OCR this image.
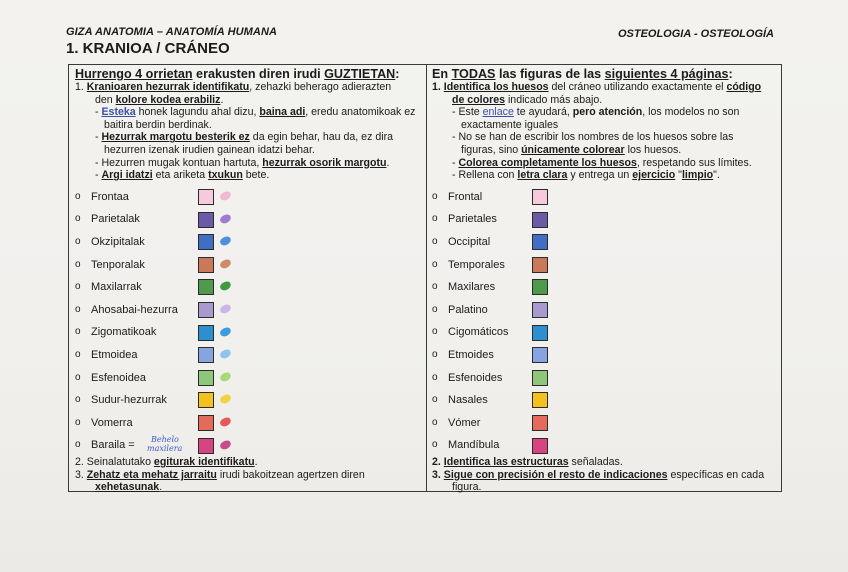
GIZA ANATOMIA – ANATOMÍA HUMANA
1. KRANIOA / CRÁNEO
OSTEOLOGIA - OSTEOLOGÍA
Hurrengo 4 orrietan erakusten diren irudi GUZTIETAN:
1. Kranioaren hezurrak identifikatu, zehazki beherago adierazten
den kolore kodea erabiliz.
- Esteka honek lagundu ahal dizu, baina adi, eredu anatomikoak ez
baitira berdin berdinak.
- Hezurrak margotu besterik ez da egin behar, hau da, ez dira
hezurren izenak irudien gainean idatzi behar.
- Hezurren mugak kontuan hartuta, hezurrak osorik margotu.
- Argi idatzi eta ariketa txukun bete.
o Frontaa
o Parietalak
o Okzipitalak
o Tenporalak
o Maxilarrak
o Ahosabai-hezurra
o Zigomatikoak
o Etmoidea
o Esfenoidea
o Sudur-hezurrak
o Vomerra
o Baraila =
Behelo
maxilera
2. Seinalatutako egiturak identifikatu.
3. Zehatz eta mehatz jarraitu irudi bakoitzean agertzen diren
xehetasunak.
En TODAS las figuras de las siguientes 4 páginas:
1. Identifica los huesos del cráneo utilizando exactamente el código
de colores indicado más abajo.
- Este enlace te ayudará, pero atención, los modelos no son
exactamente iguales
- No se han de escribir los nombres de los huesos sobre las
figuras, sino únicamente colorear los huesos.
- Colorea completamente los huesos, respetando sus límites.
- Rellena con letra clara y entrega un ejercicio "limpio".
o Frontal
o Parietales
o Occipital
o Temporales
o Maxilares
o Palatino
o Cigomáticos
o Etmoides
o Esfenoides
o Nasales
o Vómer
o Mandíbula
2. Identifica las estructuras señaladas.
3. Sigue con precisión el resto de indicaciones específicas en cada
figura.
